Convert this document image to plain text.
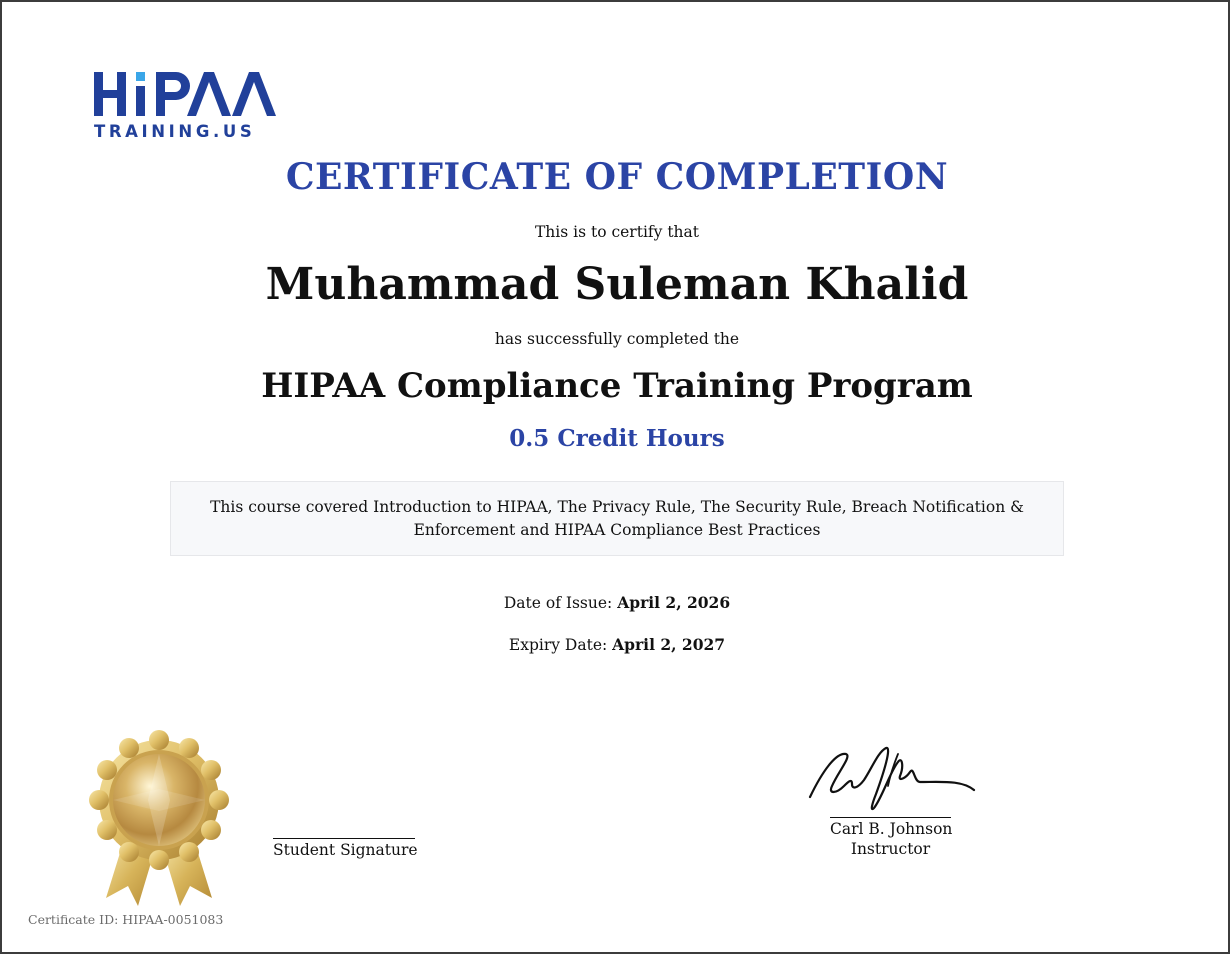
TRAINING.US
CERTIFICATE OF COMPLETION
This is to certify that
Muhammad Suleman Khalid
has successfully completed the
HIPAA Compliance Training Program
0.5 Credit Hours
This course covered Introduction to HIPAA, The Privacy Rule, The Security Rule, Breach Notification & Enforcement and HIPAA Compliance Best Practices
Date of Issue: April 2, 2026
Expiry Date: April 2, 2027
Student Signature
Carl B. Johnson
Instructor
Certificate ID: HIPAA-0051083
